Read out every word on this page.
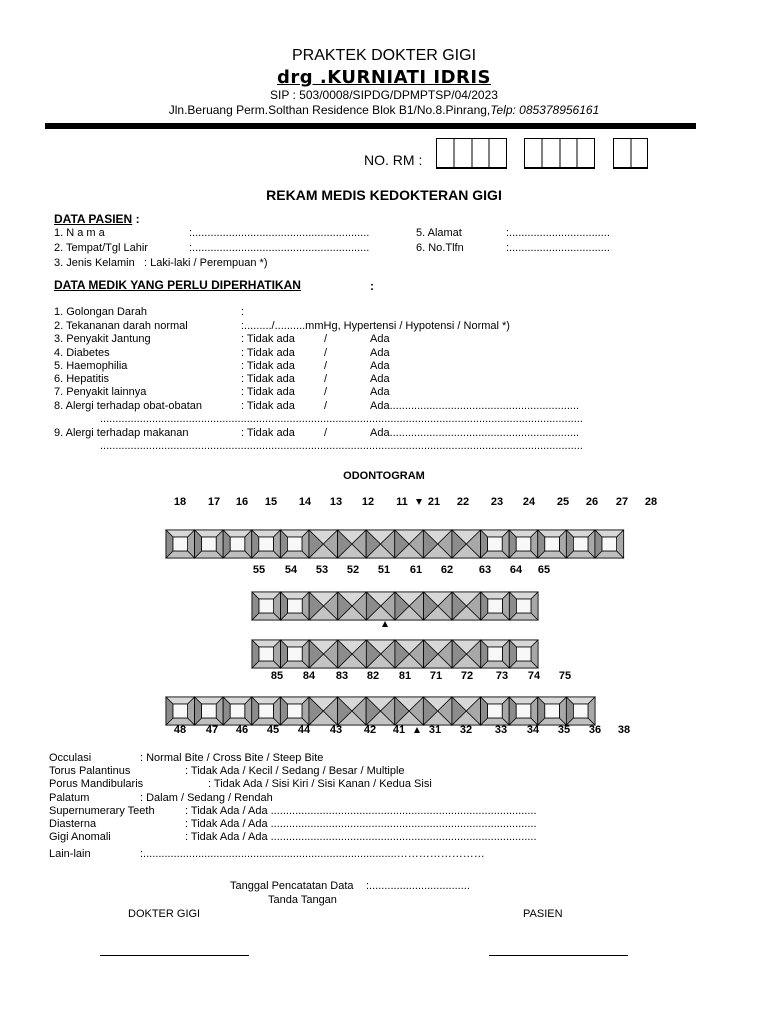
PRAKTEK DOKTER GIGI
drg .KURNIATI IDRIS
SIP : 503/0008/SIPDG/DPMPTSP/04/2023
Jln.Beruang Perm.Solthan Residence Blok B1/No.8.Pinrang,Telp: 085378956161
NO. RM :
REKAM MEDIS KEDOKTERAN GIGI
DATA PASIEN :
1. N a m a	:..........................................................
2. Tempat/Tgl Lahir	:..........................................................
3. Jenis Kelamin : Laki-laki / Perempuan *)
5. Alamat	:.................................
6. No.Tlfn	:.................................
DATA MEDIK YANG PERLU DIPERHATIKAN	:
1. Golongan Darah	:
2. Tekananan darah normal	:........./..........mmHg, Hypertensi / Hypotensi / Normal *)
3. Penyakit Jantung	: Tidak ada	/	Ada
4. Diabetes	: Tidak ada	/	Ada
5. Haemophilia	: Tidak ada	/	Ada
6. Hepatitis	: Tidak ada	/	Ada
7. Penyakit lainnya	: Tidak ada	/	Ada
8. Alergi terhadap obat-obatan	: Tidak ada	/	Ada..............................................................
..............................................................................................................................................................
9. Alergi terhadap makanan	: Tidak ada	/	Ada..............................................................
..............................................................................................................................................................
ODONTOGRAM
18	17	16	15	14	13	12	11	21	22	23	24	25	26	27	28
55	54	53	52	51	61	62	63	64	65
85	84	83	82	81	71	72	73	74	75
48	47	46	45	44	43	42	41	31	32	33	34	35	36	38
Occulasi	: Normal Bite / Cross Bite / Steep Bite
Torus Palantinus	: Tidak Ada / Kecil / Sedang / Besar / Multiple
Porus Mandibularis	: Tidak Ada / Sisi Kiri / Sisi Kanan / Kedua Sisi
Palatum	: Dalam / Sedang / Rendah
Supernumerary Teeth	: Tidak Ada / Ada .......................................................................................
Diasterna	: Tidak Ada / Ada .......................................................................................
Gigi Anomali	: Tidak Ada / Ada .......................................................................................
Lain-lain	:...................................................................................……………………
Tanggal Pencatatan Data :.................................
Tanda Tangan
DOKTER GIGI	PASIEN
